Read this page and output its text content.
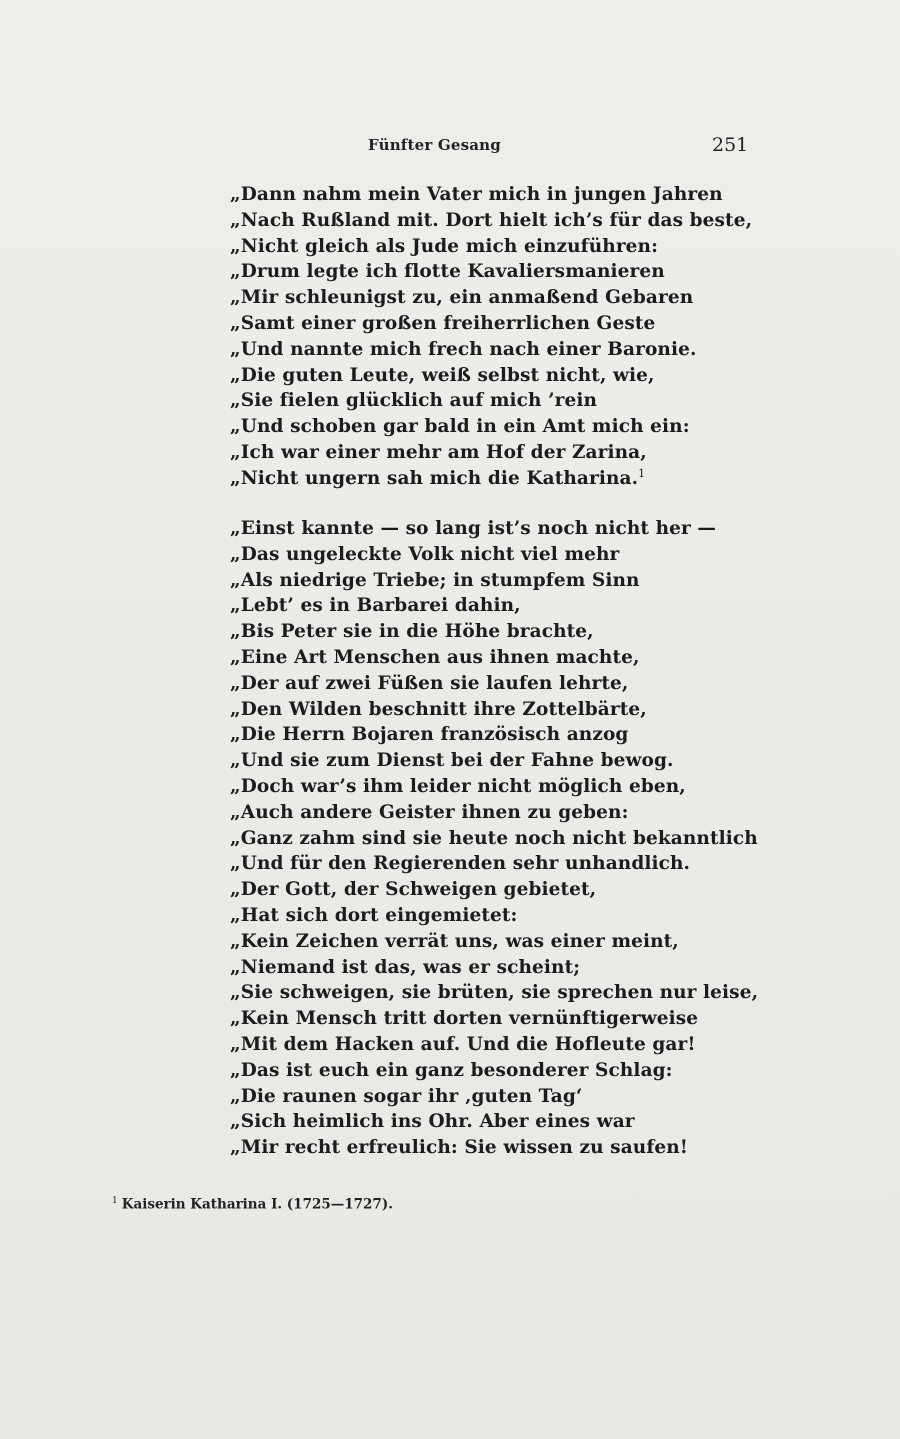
Fünfter Gesang	251
„Dann nahm mein Vater mich in jungen Jahren
„Nach Rußland mit. Dort hielt ich’s für das beste,
„Nicht gleich als Jude mich einzuführen:
„Drum legte ich flotte Kavaliersmanieren
„Mir schleunigst zu, ein anmaßend Gebaren
„Samt einer großen freiherrlichen Geste
„Und nannte mich frech nach einer Baronie.
„Die guten Leute, weiß selbst nicht, wie,
„Sie fielen glücklich auf mich ’rein
„Und schoben gar bald in ein Amt mich ein:
„Ich war einer mehr am Hof der Zarina,
„Nicht ungern sah mich die Katharina.$^1$
„Einst kannte — so lang ist’s noch nicht her —
„Das ungeleckte Volk nicht viel mehr
„Als niedrige Triebe; in stumpfem Sinn
„Lebt’ es in Barbarei dahin,
„Bis Peter sie in die Höhe brachte,
„Eine Art Menschen aus ihnen machte,
„Der auf zwei Füßen sie laufen lehrte,
„Den Wilden beschnitt ihre Zottelbärte,
„Die Herrn Bojaren französisch anzog
„Und sie zum Dienst bei der Fahne bewog.
„Doch war’s ihm leider nicht möglich eben,
„Auch andere Geister ihnen zu geben:
„Ganz zahm sind sie heute noch nicht bekanntlich
„Und für den Regierenden sehr unhandlich.
„Der Gott, der Schweigen gebietet,
„Hat sich dort eingemietet:
„Kein Zeichen verrät uns, was einer meint,
„Niemand ist das, was er scheint;
„Sie schweigen, sie brüten, sie sprechen nur leise,
„Kein Mensch tritt dorten vernünftigerweise
„Mit dem Hacken auf. Und die Hofleute gar!
„Das ist euch ein ganz besonderer Schlag:
„Die raunen sogar ihr ‚guten Tag‘
„Sich heimlich ins Ohr. Aber eines war
„Mir recht erfreulich: Sie wissen zu saufen!
$^1$ Kaiserin Katharina I. (1725—1727).
